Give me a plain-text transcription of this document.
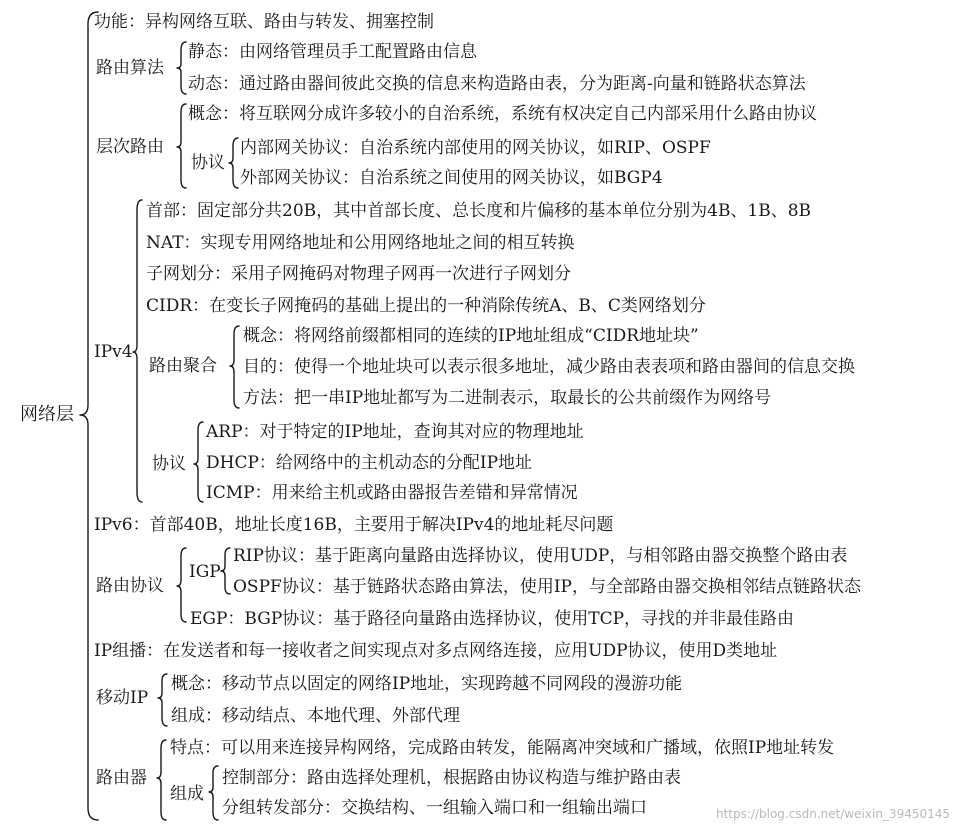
网络层
功能：异构网络互联、路由与转发、拥塞控制
路由算法
静态：由网络管理员手工配置路由信息
动态：通过路由器间彼此交换的信息来构造路由表，分为距离-向量和链路状态算法
层次路由
概念：将互联网分成许多较小的自治系统，系统有权决定自己内部采用什么路由协议
协议
内部网关协议：自治系统内部使用的网关协议，如RIP、OSPF
外部网关协议：自治系统之间使用的网关协议，如BGP4
IPv4
首部：固定部分共20B，其中首部长度、总长度和片偏移的基本单位分别为4B、1B、8B
NAT：实现专用网络地址和公用网络地址之间的相互转换
子网划分：采用子网掩码对物理子网再一次进行子网划分
CIDR：在变长子网掩码的基础上提出的一种消除传统A、B、C类网络划分
路由聚合
概念：将网络前缀都相同的连续的IP地址组成“CIDR地址块”
目的：使得一个地址块可以表示很多地址，减少路由表表项和路由器间的信息交换
方法：把一串IP地址都写为二进制表示，取最长的公共前缀作为网络号
协议
ARP：对于特定的IP地址，查询其对应的物理地址
DHCP：给网络中的主机动态的分配IP地址
ICMP：用来给主机或路由器报告差错和异常情况
IPv6：首部40B，地址长度16B，主要用于解决IPv4的地址耗尽问题
路由协议
IGP
RIP协议：基于距离向量路由选择协议，使用UDP，与相邻路由器交换整个路由表
OSPF协议：基于链路状态路由算法，使用IP，与全部路由器交换相邻结点链路状态
EGP：BGP协议：基于路径向量路由选择协议，使用TCP，寻找的并非最佳路由
IP组播：在发送者和每一接收者之间实现点对多点网络连接，应用UDP协议，使用D类地址
移动IP
概念：移动节点以固定的网络IP地址，实现跨越不同网段的漫游功能
组成：移动结点、本地代理、外部代理
路由器
特点：可以用来连接异构网络，完成路由转发，能隔离冲突域和广播域，依照IP地址转发
组成
控制部分：路由选择处理机，根据路由协议构造与维护路由表
分组转发部分：交换结构、一组输入端口和一组输出端口	https://blog.csdn.net/weixin_39450145
